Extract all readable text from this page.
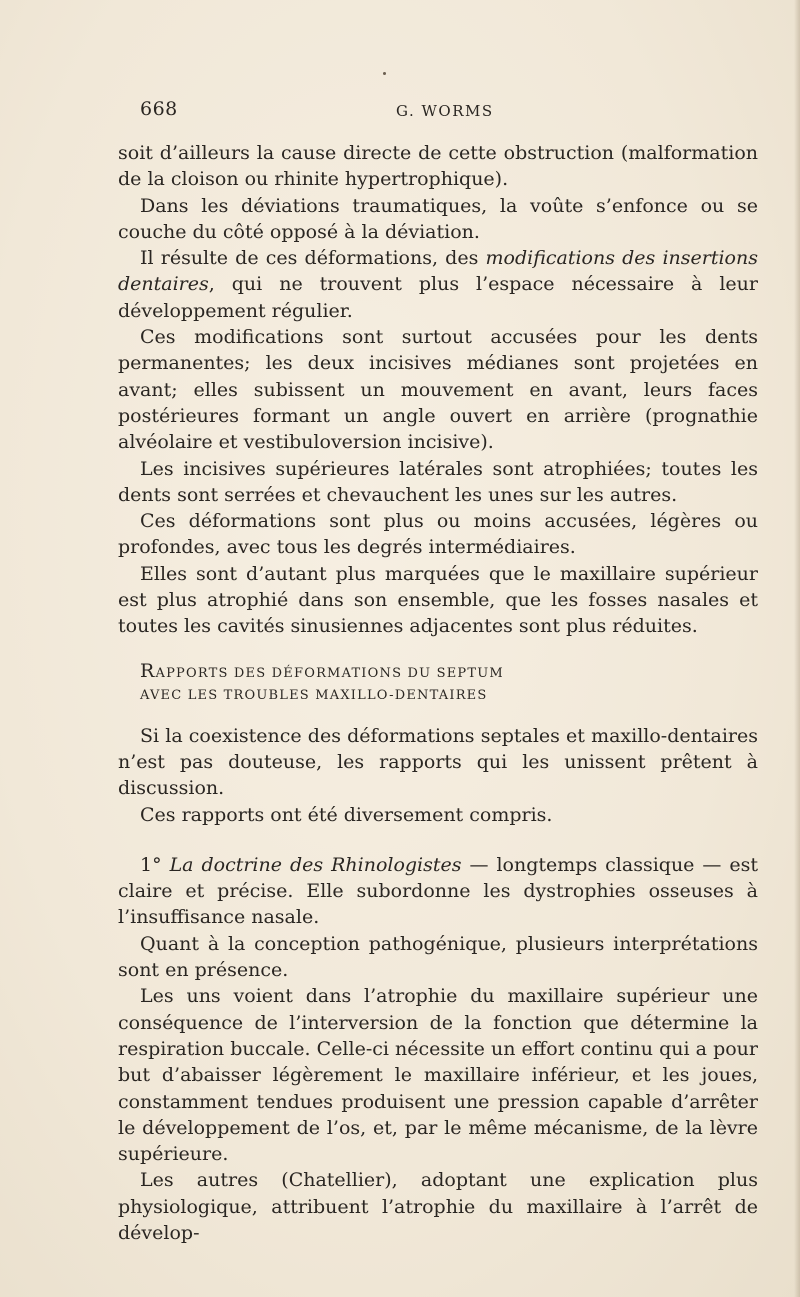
668	G. WORMS

soit d’ailleurs la cause directe de cette obstruction (malformation de la cloison ou rhinite hypertrophique).

Dans les déviations traumatiques, la voûte s’enfonce ou se couche du côté opposé à la déviation.

Il résulte de ces déformations, des modifications des insertions dentaires, qui ne trouvent plus l’espace nécessaire à leur développement régulier.

Ces modifications sont surtout accusées pour les dents permanentes; les deux incisives médianes sont projetées en avant; elles subissent un mouvement en avant, leurs faces postérieures formant un angle ouvert en arrière (prognathie alvéolaire et vestibuloversion incisive).

Les incisives supérieures latérales sont atrophiées; toutes les dents sont serrées et chevauchent les unes sur les autres.

Ces déformations sont plus ou moins accusées, légères ou profondes, avec tous les degrés intermédiaires.

Elles sont d’autant plus marquées que le maxillaire supérieur est plus atrophié dans son ensemble, que les fosses nasales et toutes les cavités sinusiennes adjacentes sont plus réduites.

RAPPORTS DES DÉFORMATIONS DU SEPTUM

AVEC LES TROUBLES MAXILLO-DENTAIRES

Si la coexistence des déformations septales et maxillo-dentaires n’est pas douteuse, les rapports qui les unissent prêtent à discussion.

Ces rapports ont été diversement compris.

1° La doctrine des Rhinologistes — longtemps classique — est claire et précise. Elle subordonne les dystrophies osseuses à l’insuffisance nasale.

Quant à la conception pathogénique, plusieurs interprétations sont en présence.

Les uns voient dans l’atrophie du maxillaire supérieur une conséquence de l’interversion de la fonction que détermine la respiration buccale. Celle-ci nécessite un effort continu qui a pour but d’abaisser légèrement le maxillaire inférieur, et les joues, constamment tendues produisent une pression capable d’arrêter le développement de l’os, et, par le même mécanisme, de la lèvre supérieure.

Les autres (Chatellier), adoptant une explication plus physiologique, attribuent l’atrophie du maxillaire à l’arrêt de dévelop-
